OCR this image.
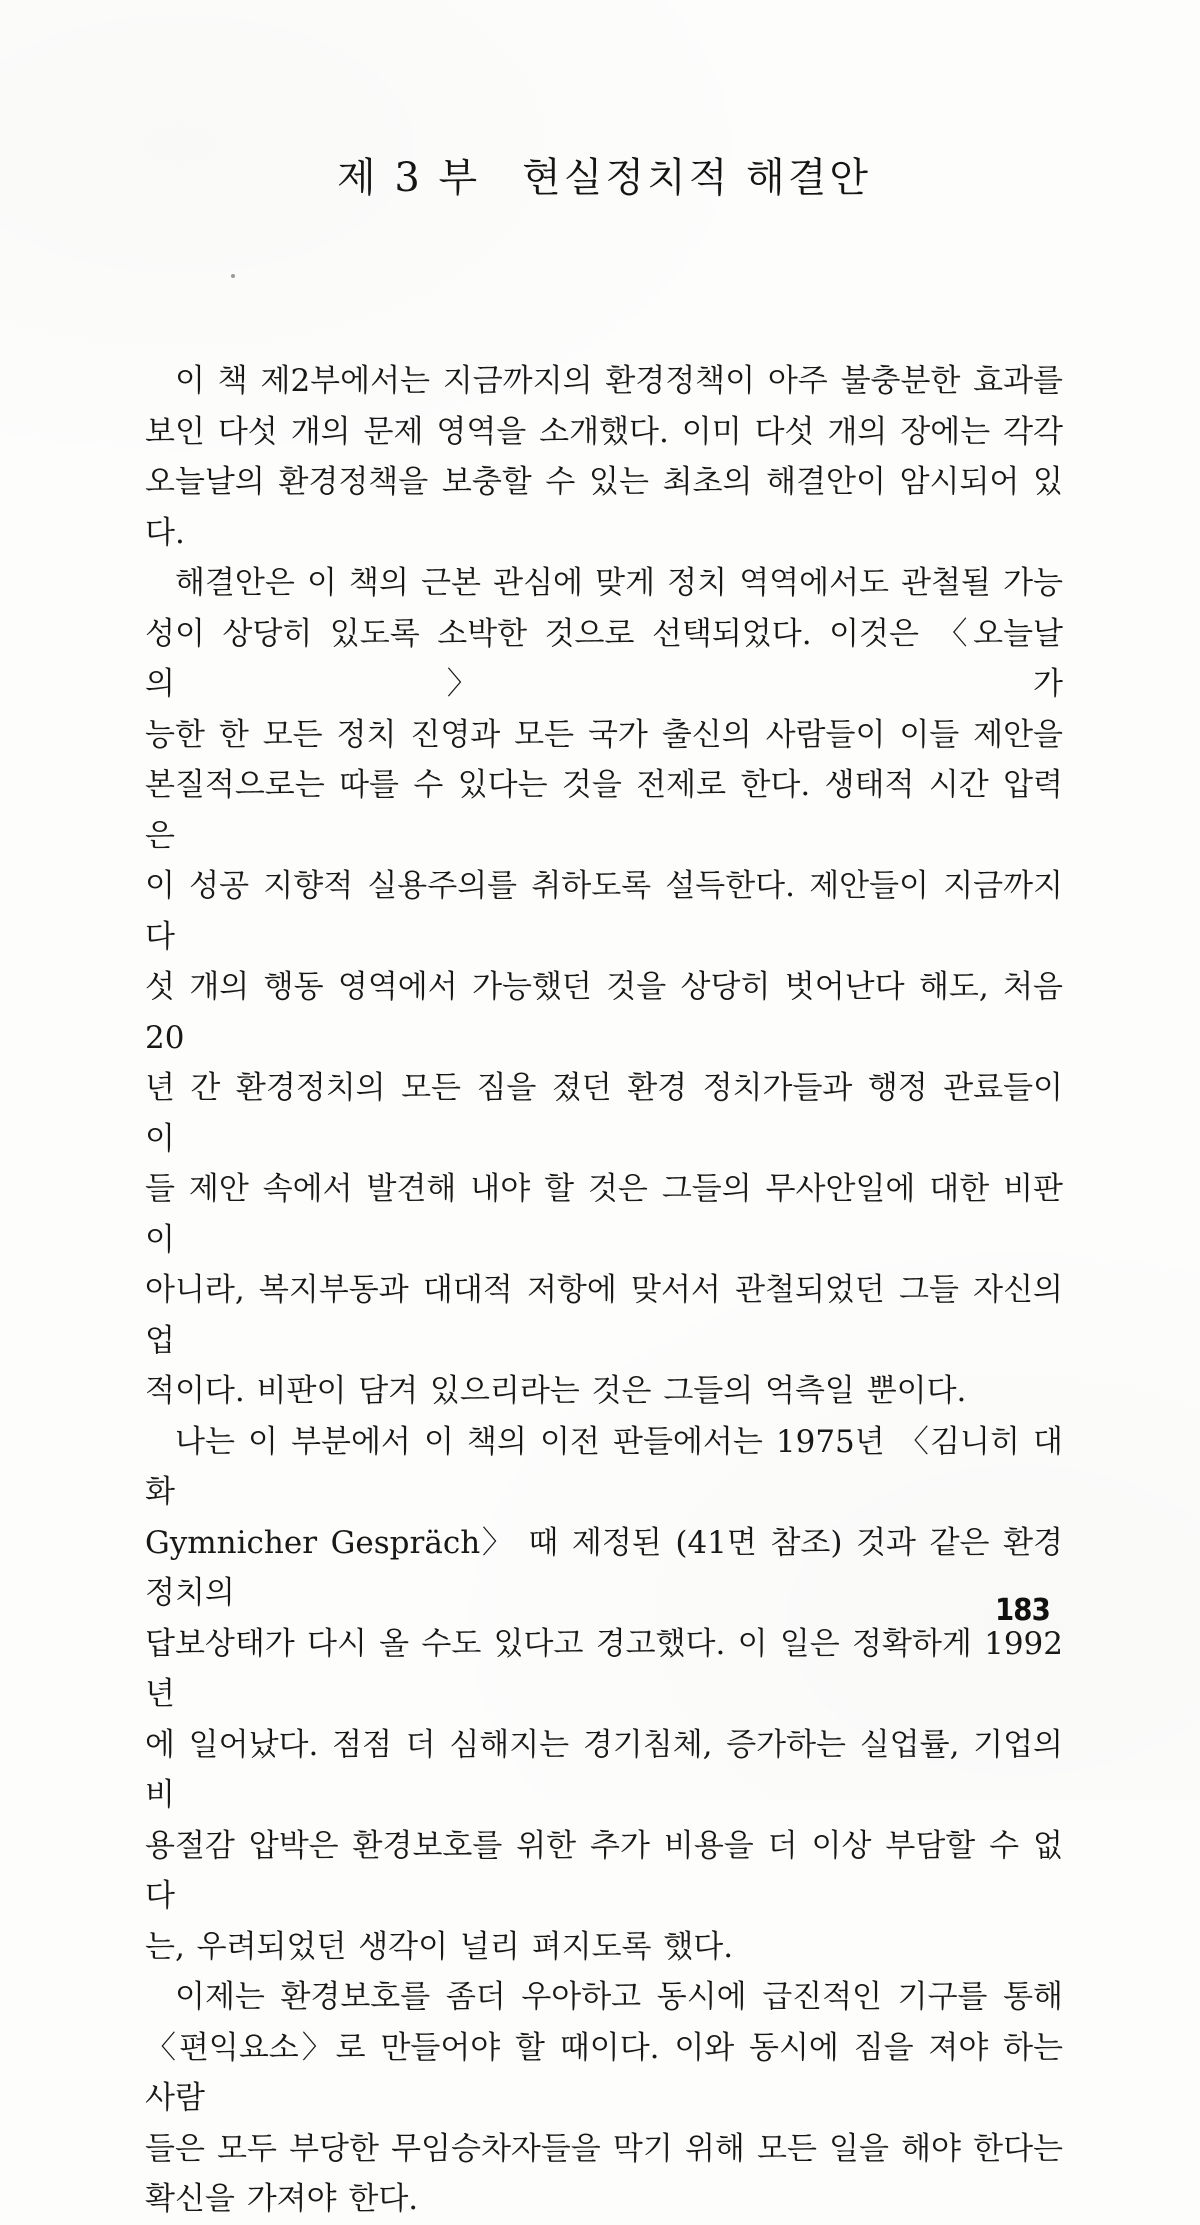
제 3 부 현실정치적 해결안
이 책 제2부에서는 지금까지의 환경정책이 아주 불충분한 효과를
보인 다섯 개의 문제 영역을 소개했다. 이미 다섯 개의 장에는 각각
오늘날의 환경정책을 보충할 수 있는 최초의 해결안이 암시되어 있다.
해결안은 이 책의 근본 관심에 맞게 정치 역역에서도 관철될 가능
성이 상당히 있도록 소박한 것으로 선택되었다. 이것은 〈오늘날의〉 가
능한 한 모든 정치 진영과 모든 국가 출신의 사람들이 이들 제안을
본질적으로는 따를 수 있다는 것을 전제로 한다. 생태적 시간 압력은
이 성공 지향적 실용주의를 취하도록 설득한다. 제안들이 지금까지 다
섯 개의 행동 영역에서 가능했던 것을 상당히 벗어난다 해도, 처음 20
년 간 환경정치의 모든 짐을 졌던 환경 정치가들과 행정 관료들이 이
들 제안 속에서 발견해 내야 할 것은 그들의 무사안일에 대한 비판이
아니라, 복지부동과 대대적 저항에 맞서서 관철되었던 그들 자신의 업
적이다. 비판이 담겨 있으리라는 것은 그들의 억측일 뿐이다.
나는 이 부분에서 이 책의 이전 판들에서는 1975년 〈김니히 대화
Gymnicher Gespräch〉 때 제정된 (41면 참조) 것과 같은 환경정치의
답보상태가 다시 올 수도 있다고 경고했다. 이 일은 정확하게 1992년
에 일어났다. 점점 더 심해지는 경기침체, 증가하는 실업률, 기업의 비
용절감 압박은 환경보호를 위한 추가 비용을 더 이상 부담할 수 없다
는, 우려되었던 생각이 널리 펴지도록 했다.
이제는 환경보호를 좀더 우아하고 동시에 급진적인 기구를 통해
〈편익요소〉로 만들어야 할 때이다. 이와 동시에 짐을 져야 하는 사람
들은 모두 부당한 무임승차자들을 막기 위해 모든 일을 해야 한다는
확신을 가져야 한다.
183
